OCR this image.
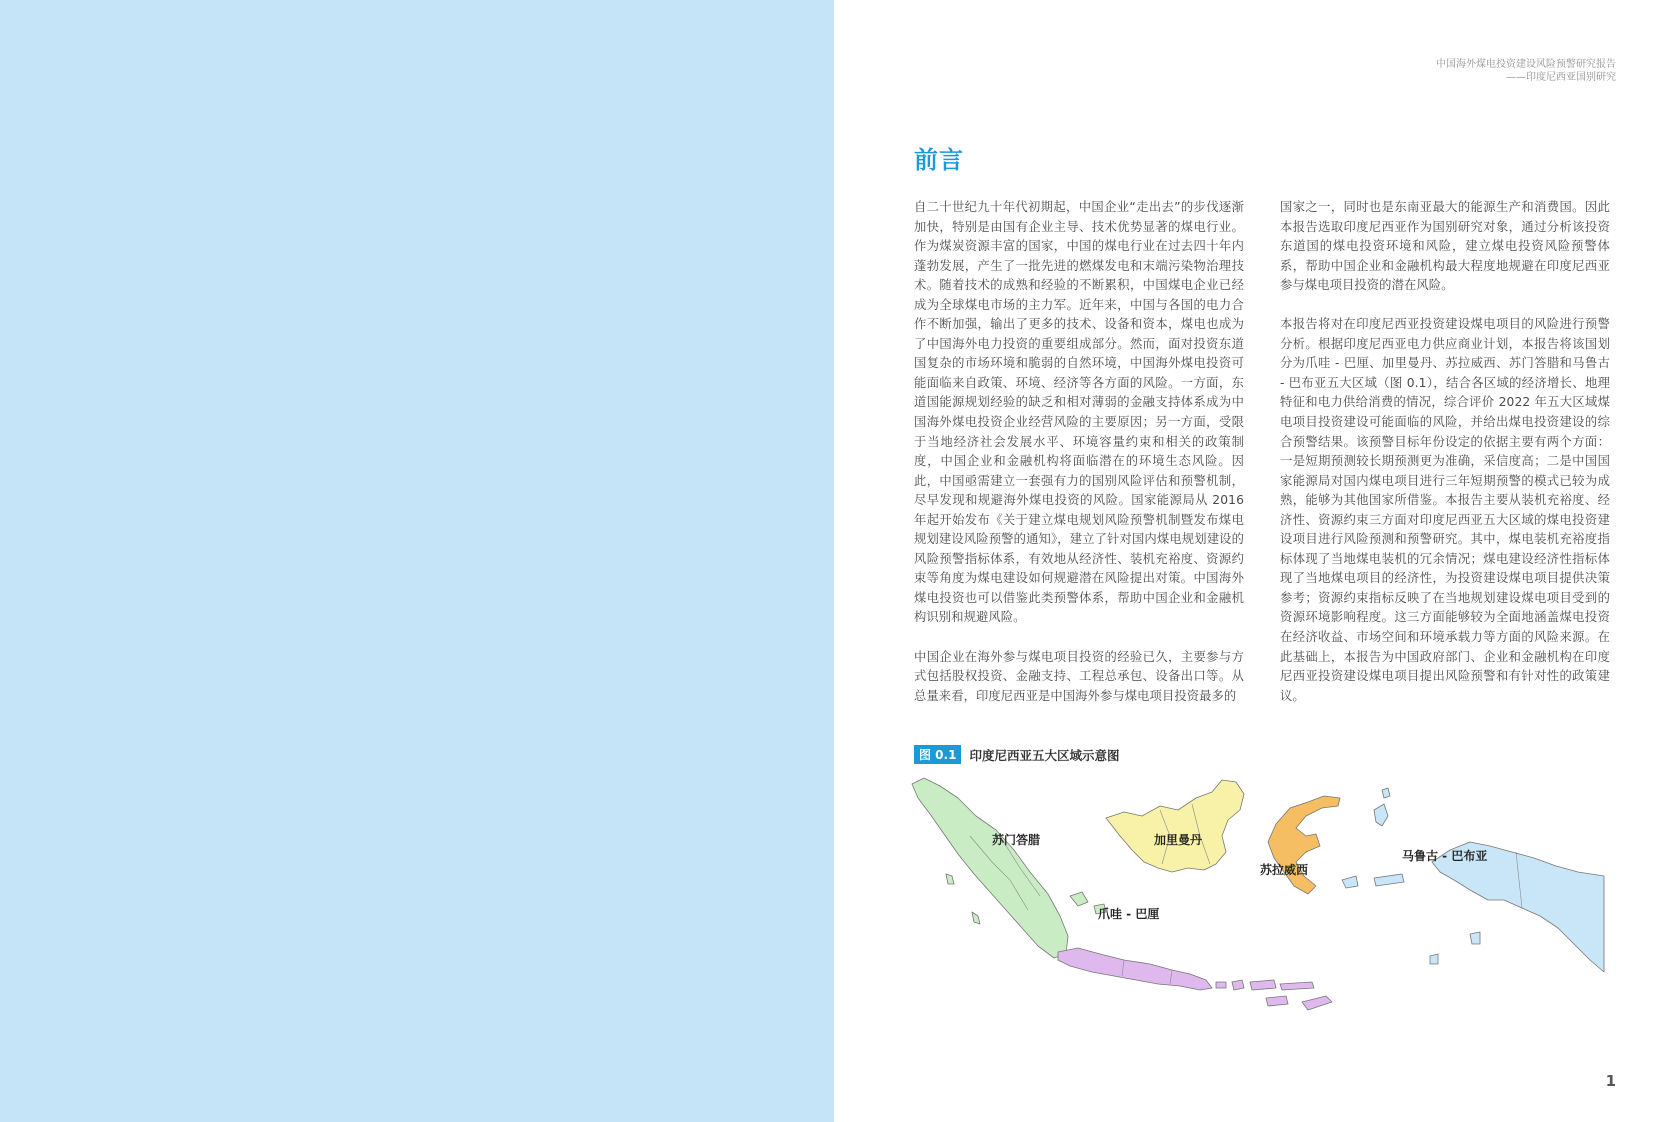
中国海外煤电投资建设风险预警研究报告
——印度尼西亚国别研究
前言

自二十世纪九十年代初期起，中国企业“走出去”的步伐逐渐加快，特别是由国有企业主导、技术优势显著的煤电行业。作为煤炭资源丰富的国家，中国的煤电行业在过去四十年内蓬勃发展，产生了一批先进的燃煤发电和末端污染物治理技术。随着技术的成熟和经验的不断累积，中国煤电企业已经成为全球煤电市场的主力军。近年来，中国与各国的电力合作不断加强，输出了更多的技术、设备和资本，煤电也成为了中国海外电力投资的重要组成部分。然而，面对投资东道国复杂的市场环境和脆弱的自然环境，中国海外煤电投资可能面临来自政策、环境、经济等各方面的风险。一方面，东道国能源规划经验的缺乏和相对薄弱的金融支持体系成为中国海外煤电投资企业经营风险的主要原因；另一方面，受限于当地经济社会发展水平、环境容量约束和相关的政策制度，中国企业和金融机构将面临潜在的环境生态风险。因此，中国亟需建立一套强有力的国别风险评估和预警机制，尽早发现和规避海外煤电投资的风险。国家能源局从 2016 年起开始发布《关于建立煤电规划风险预警机制暨发布煤电规划建设风险预警的通知》，建立了针对国内煤电规划建设的风险预警指标体系，有效地从经济性、装机充裕度、资源约束等角度为煤电建设如何规避潜在风险提出对策。中国海外煤电投资也可以借鉴此类预警体系，帮助中国企业和金融机构识别和规避风险。

中国企业在海外参与煤电项目投资的经验已久，主要参与方式包括股权投资、金融支持、工程总承包、设备出口等。从总量来看，印度尼西亚是中国海外参与煤电项目投资最多的

国家之一，同时也是东南亚最大的能源生产和消费国。因此本报告选取印度尼西亚作为国别研究对象，通过分析该投资东道国的煤电投资环境和风险，建立煤电投资风险预警体系，帮助中国企业和金融机构最大程度地规避在印度尼西亚参与煤电项目投资的潜在风险。

本报告将对在印度尼西亚投资建设煤电项目的风险进行预警分析。根据印度尼西亚电力供应商业计划，本报告将该国划分为爪哇 - 巴厘、加里曼丹、苏拉威西、苏门答腊和马鲁古 - 巴布亚五大区域（图 0.1），结合各区域的经济增长、地理特征和电力供给消费的情况，综合评价 2022 年五大区域煤电项目投资建设可能面临的风险，并给出煤电投资建设的综合预警结果。该预警目标年份设定的依据主要有两个方面：一是短期预测较长期预测更为准确，采信度高；二是中国国家能源局对国内煤电项目进行三年短期预警的模式已较为成熟，能够为其他国家所借鉴。本报告主要从装机充裕度、经济性、资源约束三方面对印度尼西亚五大区域的煤电投资建设项目进行风险预测和预警研究。其中，煤电装机充裕度指标体现了当地煤电装机的冗余情况；煤电建设经济性指标体现了当地煤电项目的经济性，为投资建设煤电项目提供决策参考；资源约束指标反映了在当地规划建设煤电项目受到的资源环境影响程度。这三方面能够较为全面地涵盖煤电投资在经济收益、市场空间和环境承载力等方面的风险来源。在此基础上，本报告为中国政府部门、企业和金融机构在印度尼西亚投资建设煤电项目提出风险预警和有针对性的政策建议。

图 0.1	印度尼西亚五大区域示意图
苏门答腊	加里曼丹
苏拉威西
马鲁古 - 巴布亚
爪哇 - 巴厘
1
